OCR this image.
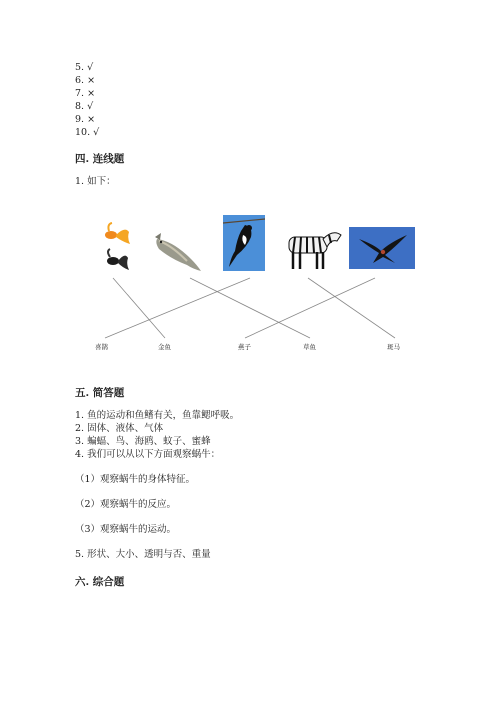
5. √
6. ×
7. ×
8. √
9. ×
10. √
四. 连线题
1. 如下：
喜鹊	金鱼	燕子	草鱼	斑马
五. 简答题
1. 鱼的运动和鱼鳍有关，鱼靠鳃呼吸。
2. 固体、液体、气体
3. 蝙蝠、鸟、海鸥、蚊子、蜜蜂
4. 我们可以从以下方面观察蜗牛：
（1）观察蜗牛的身体特征。
（2）观察蜗牛的反应。
（3）观察蜗牛的运动。
5. 形状、大小、透明与否、重量
六. 综合题
